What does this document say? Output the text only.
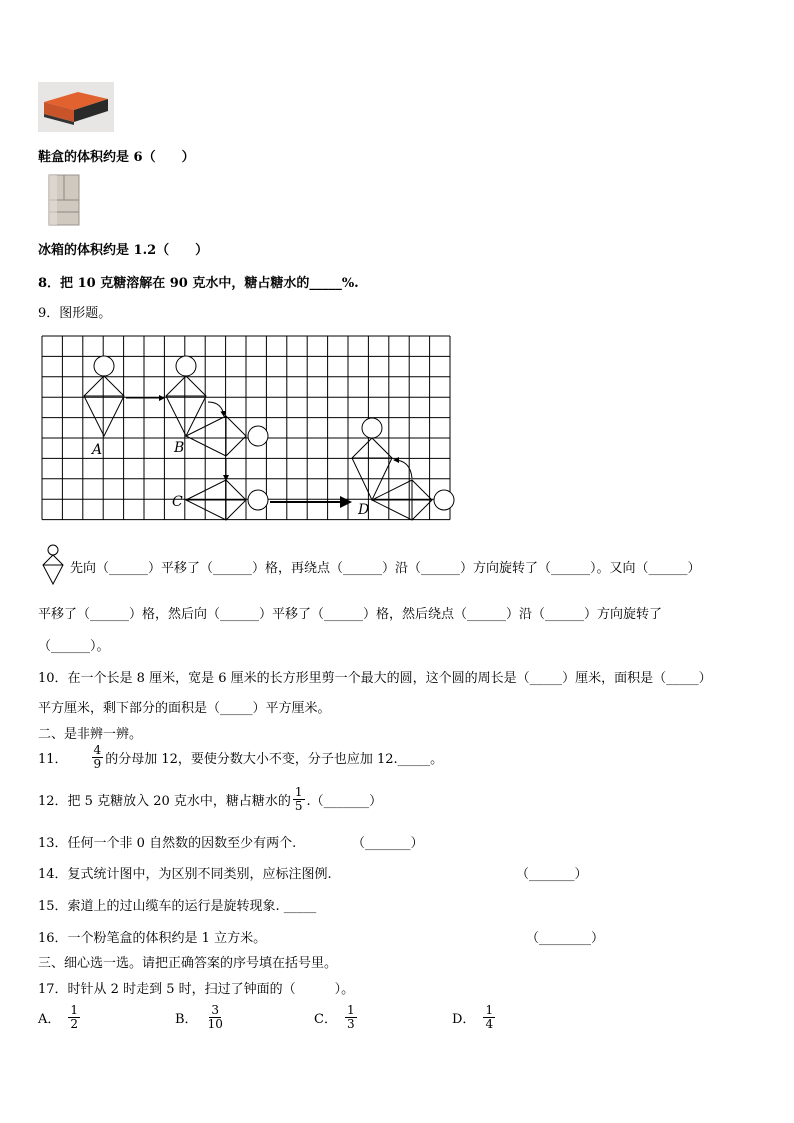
鞋盒的体积约是 6（　　）
冰箱的体积约是 1.2（　　）
8．把 10 克糖溶解在 90 克水中，糖占糖水的_____%.
9．图形题。
A	B
C	D
先向（______）平移了（______）格，再绕点（______）沿（______）方向旋转了（______）。又向（______）
平移了（______）格，然后向（______）平移了（______）格，然后绕点（______）沿（______）方向旋转了
（______）。
10．在一个长是 8 厘米，宽是 6 厘米的长方形里剪一个最大的圆，这个圆的周长是（_____）厘米，面积是（_____）
平方厘米，剩下部分的面积是（_____）平方厘米。
二、是非辨一辨。
11． $\frac{4}{9}$ 的分母加 12，要使分数大小不变，分子也应加 12._____。
12．把 5 克糖放入 20 克水中，糖占糖水的 $\frac{1}{5}$ .（_______）
13．任何一个非 0 自然数的因数至少有两个.	（_______）
14．复式统计图中，为区别不同类别，应标注图例.	（_______）
15．索道上的过山缆车的运行是旋转现象. _____
16．一个粉笔盒的体积约是 1 立方米。	（________）
三、细心选一选。请把正确答案的序号填在括号里。
17．时针从 2 时走到 5 时，扫过了钟面的（　　　）。
A． $\frac{1}{2}$	B． $\frac{3}{10}$	C． $\frac{1}{3}$	D． $\frac{1}{4}$
